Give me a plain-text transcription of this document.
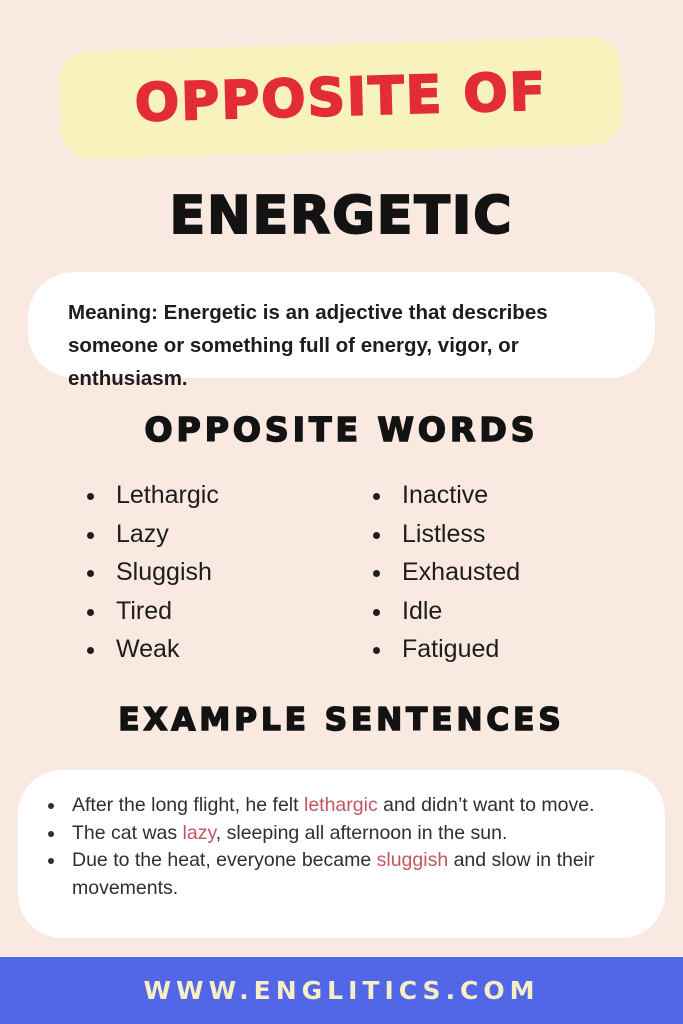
OPPOSITE OF
ENERGETIC
Meaning: Energetic is an adjective that describes someone or something full of energy, vigor, or enthusiasm.
OPPOSITE WORDS
• Lethargic
• Lazy
• Sluggish
• Tired
• Weak
• Inactive
• Listless
• Exhausted
• Idle
• Fatigued
EXAMPLE SENTENCES
• After the long flight, he felt lethargic and didn’t want to move.
• The cat was lazy, sleeping all afternoon in the sun.
• Due to the heat, everyone became sluggish and slow in their movements.
WWW.ENGLITICS.COM
